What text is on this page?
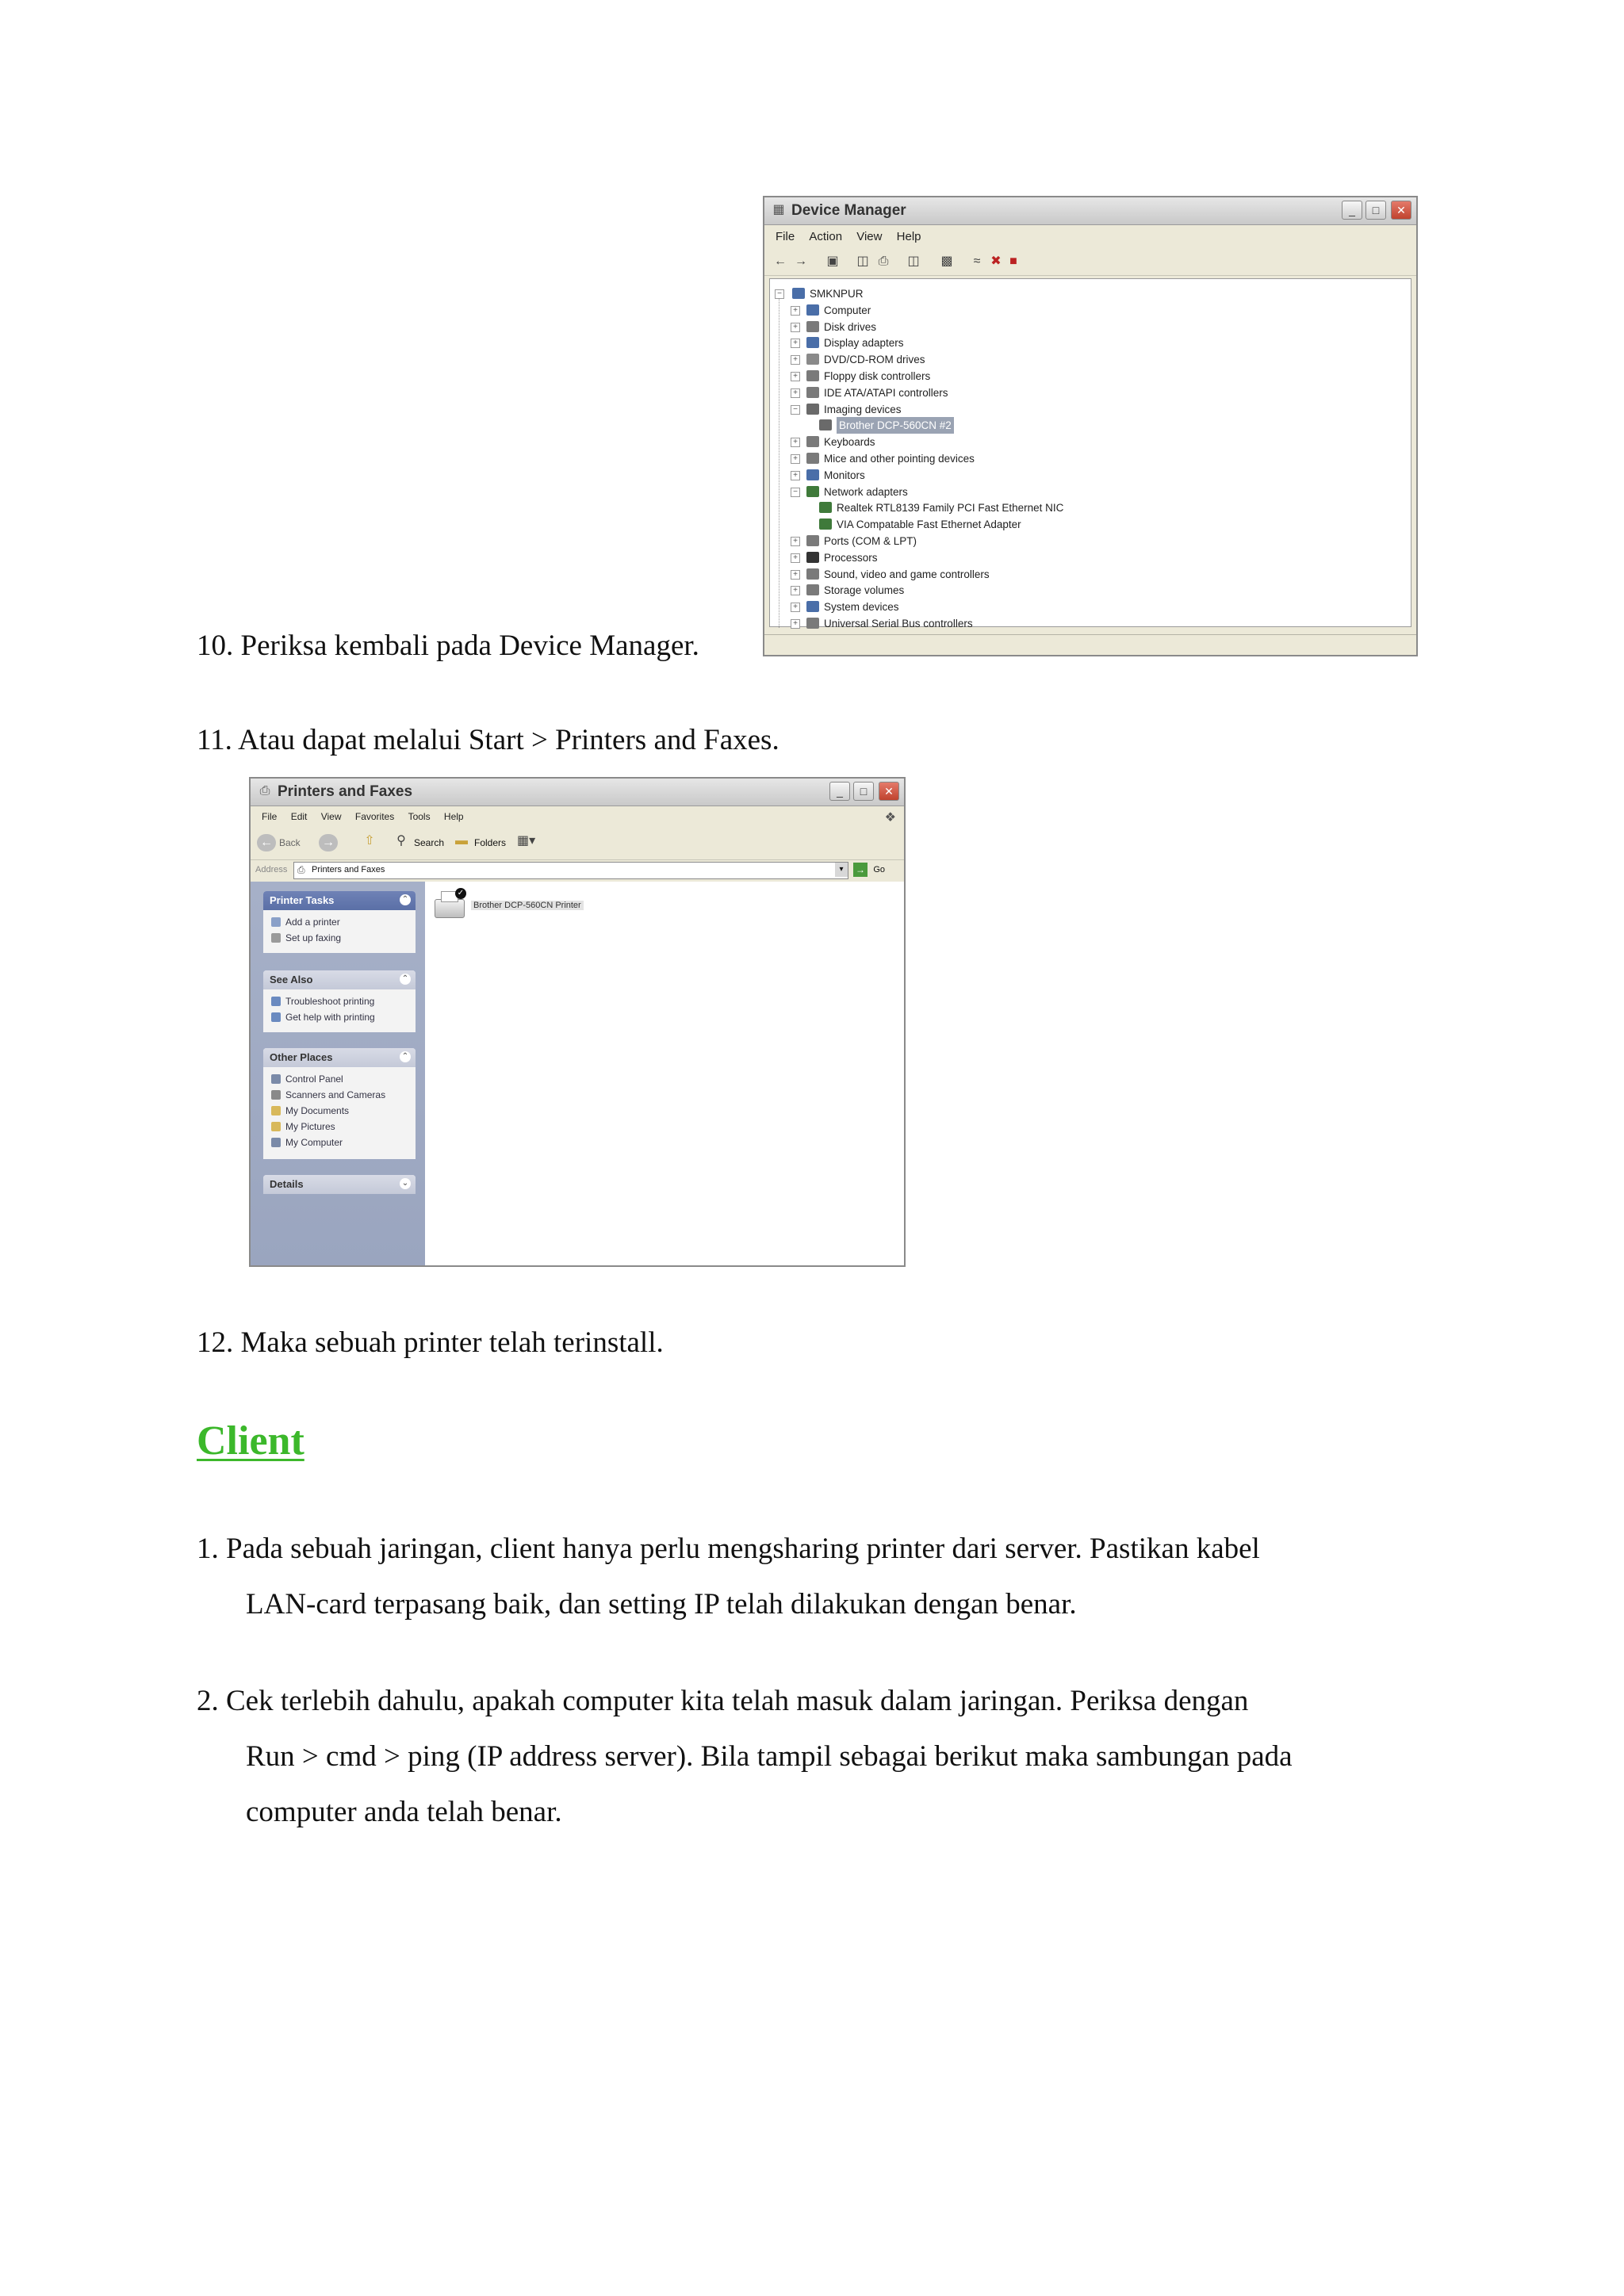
▦ Device Manager	_	□	✕
File Action View Help
← → ▣ ◫ ⎙ ◫ ▩	≈ ✖ ■
−	SMKNPUR
+ Computer
+ Disk drives
+ Display adapters
+ DVD/CD-ROM drives
+ Floppy disk controllers
+ IDE ATA/ATAPI controllers
− Imaging devices
Brother DCP-560CN #2
+ Keyboards
+ Mice and other pointing devices
+ Monitors
− Network adapters
Realtek RTL8139 Family PCI Fast Ethernet NIC
VIA Compatable Fast Ethernet Adapter
+ Ports (COM & LPT)
+ Processors
+ Sound, video and game controllers
+ Storage volumes
+ System devices
+ Universal Serial Bus controllers
10. Periksa kembali pada Device Manager.
11. Atau dapat melalui Start > Printers and Faxes.
⎙ Printers and Faxes	_	□	✕
File Edit View Favorites Tools Help	❖
← Back → ⇧ ⚲ Search ▬ Folders ▦▾
Address ⎙ Printers and Faxes	▾	→ Go
Printer Tasks	⌃
Add a printer
Set up faxing
See Also	⌃
Troubleshoot printing
Get help with printing
Other Places	⌃
Control Panel
Scanners and Cameras
My Documents
My Pictures
My Computer
Details	⌄
✓
Brother DCP-560CN Printer
12. Maka sebuah printer telah terinstall.
Client
1. Pada sebuah jaringan, client hanya perlu mengsharing printer dari server. Pastikan kabel
LAN-card terpasang baik, dan setting IP telah dilakukan dengan benar.
2. Cek terlebih dahulu, apakah computer kita telah masuk dalam jaringan. Periksa dengan
Run > cmd > ping (IP address server). Bila tampil sebagai berikut maka sambungan pada
computer anda telah benar.
